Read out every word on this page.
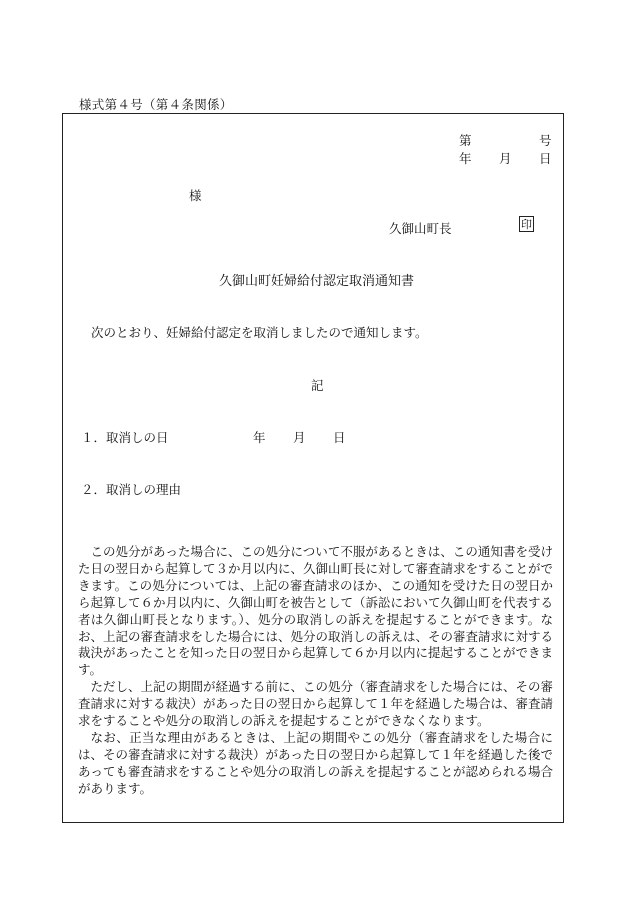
様式第４号（第４条関係）
第	号
年 月 日
様
久御山町長	印
久御山町妊婦給付認定取消通知書
次のとおり、妊婦給付認定を取消しましたので通知します。
記
１．取消しの日	年 月 日
２．取消しの理由

この処分があった場合に、この処分について不服があるときは、この通知書を受けた日の翌日から起算して３か月以内に、久御山町長に対して審査請求をすることができます。この処分については、上記の審査請求のほか、この通知を受けた日の翌日から起算して６か月以内に、久御山町を被告として（訴訟において久御山町を代表する者は久御山町長となります。）、処分の取消しの訴えを提起することができます。なお、上記の審査請求をした場合には、処分の取消しの訴えは、その審査請求に対する裁決があったことを知った日の翌日から起算して６か月以内に提起することができます。

ただし、上記の期間が経過する前に、この処分（審査請求をした場合には、その審査請求に対する裁決）があった日の翌日から起算して１年を経過した場合は、審査請求をすることや処分の取消しの訴えを提起することができなくなります。

なお、正当な理由があるときは、上記の期間やこの処分（審査請求をした場合には、その審査請求に対する裁決）があった日の翌日から起算して１年を経過した後であっても審査請求をすることや処分の取消しの訴えを提起することが認められる場合があります。
